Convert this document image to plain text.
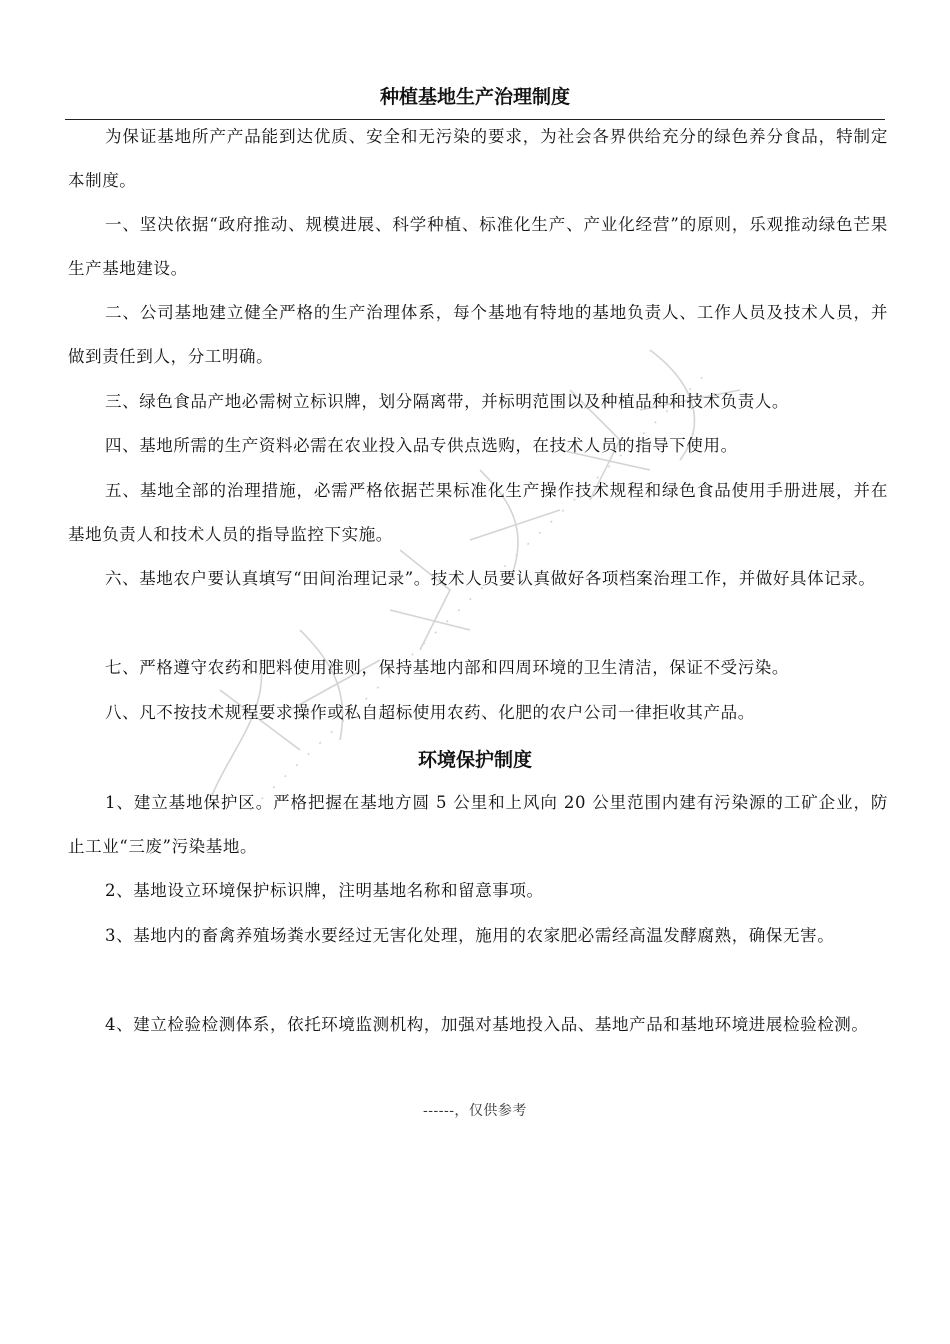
种植基地生产治理制度
为保证基地所产产品能到达优质、安全和无污染的要求，为社会各界供给充分的绿色养分食品，特制定本制度。
一、坚决依据“政府推动、规模进展、科学种植、标准化生产、产业化经营”的原则，乐观推动绿色芒果生产基地建设。
二、公司基地建立健全严格的生产治理体系，每个基地有特地的基地负责人、工作人员及技术人员，并做到责任到人，分工明确。
三、绿色食品产地必需树立标识牌，划分隔离带，并标明范围以及种植品种和技术负责人。
四、基地所需的生产资料必需在农业投入品专供点选购，在技术人员的指导下使用。
五、基地全部的治理措施，必需严格依据芒果标准化生产操作技术规程和绿色食品使用手册进展，并在基地负责人和技术人员的指导监控下实施。
六、基地农户要认真填写“田间治理记录”。技术人员要认真做好各项档案治理工作，并做好具体记录。
七、严格遵守农药和肥料使用准则，保持基地内部和四周环境的卫生清洁，保证不受污染。
八、凡不按技术规程要求操作或私自超标使用农药、化肥的农户公司一律拒收其产品。
环境保护制度
1、建立基地保护区。严格把握在基地方圆 5 公里和上风向 20 公里范围内建有污染源的工矿企业，防止工业“三废”污染基地。
2、基地设立环境保护标识牌，注明基地名称和留意事项。
3、基地内的畜禽养殖场粪水要经过无害化处理，施用的农家肥必需经高温发酵腐熟，确保无害。
4、建立检验检测体系，依托环境监测机构，加强对基地投入品、基地产品和基地环境进展检验检测。
------，仅供参考
